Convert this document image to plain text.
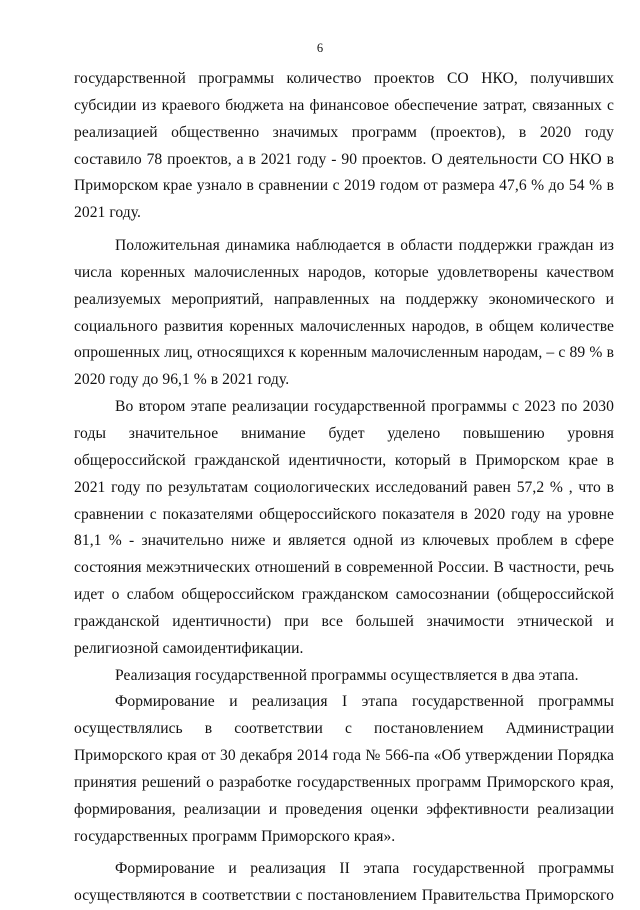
6

государственной программы количество проектов СО НКО, получивших субсидии из краевого бюджета на финансовое обеспечение затрат, связанных с реализацией общественно значимых программ (проектов), в 2020 году составило 78 проектов, а в 2021 году - 90 проектов. О деятельности СО НКО в Приморском крае узнало в сравнении с 2019 годом от размера 47,6 % до 54 % в 2021 году.

Положительная динамика наблюдается в области поддержки граждан из числа коренных малочисленных народов, которые удовлетворены качеством реализуемых мероприятий, направленных на поддержку экономического и социального развития коренных малочисленных народов, в общем количестве опрошенных лиц, относящихся к коренным малочисленным народам, – с 89 % в 2020 году до 96,1 % в 2021 году.

Во втором этапе реализации государственной программы с 2023 по 2030 годы значительное внимание будет уделено повышению уровня общероссийской гражданской идентичности, который в Приморском крае в 2021 году по результатам социологических исследований равен 57,2 % , что в сравнении с показателями общероссийского показателя в 2020 году на уровне 81,1 % - значительно ниже и является одной из ключевых проблем в сфере состояния межэтнических отношений в современной России. В частности, речь идет о слабом общероссийском гражданском самосознании (общероссийской гражданской идентичности) при все большей значимости этнической и религиозной самоидентификации.

Реализация государственной программы осуществляется в два этапа.

Формирование и реализация I этапа государственной программы осуществлялись в соответствии с постановлением Администрации Приморского края от 30 декабря 2014 года № 566-па «Об утверждении Порядка принятия решений о разработке государственных программ Приморского края, формирования, реализации и проведения оценки эффективности реализации государственных программ Приморского края».

Формирование и реализация II этапа государственной программы осуществляются в соответствии с постановлением Правительства Приморского
